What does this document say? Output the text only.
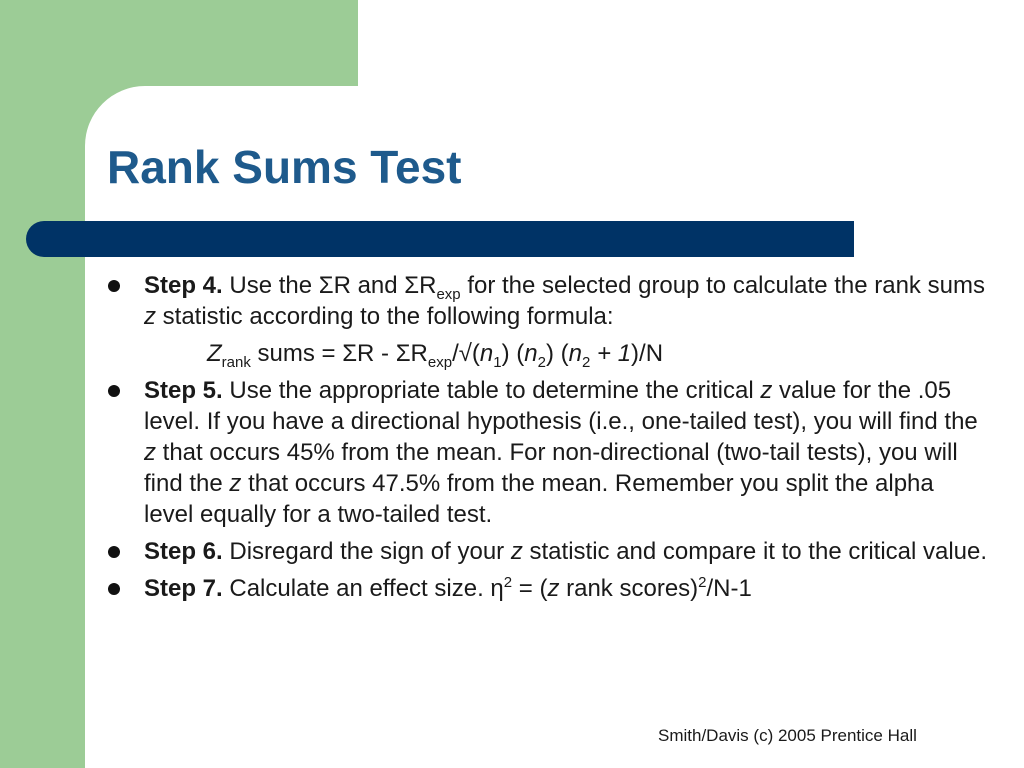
Rank Sums Test
Step 4. Use the ΣR and $\Sigma R_{exp}$ for the selected group to calculate the rank sums z statistic according to the following formula:
$Z_{rank}$ sums = ΣR - $\Sigma R_{exp}/√(n_1)$ $(n_2) (n_2 + 1)/N$
Step 5. Use the appropriate table to determine the critical z value for the .05 level. If you have a directional hypothesis (i.e., one-tailed test), you will find the z that occurs 45% from the mean. For non-directional (two-tail tests), you will find the z that occurs 47.5% from the mean. Remember you split the alpha level equally for a two-tailed test.
Step 6. Disregard the sign of your z statistic and compare it to the critical value.
Step 7. Calculate an effect size. $\eta^2 = (z$ rank scores)$^2$/N-1
Smith/Davis (c) 2005 Prentice Hall
